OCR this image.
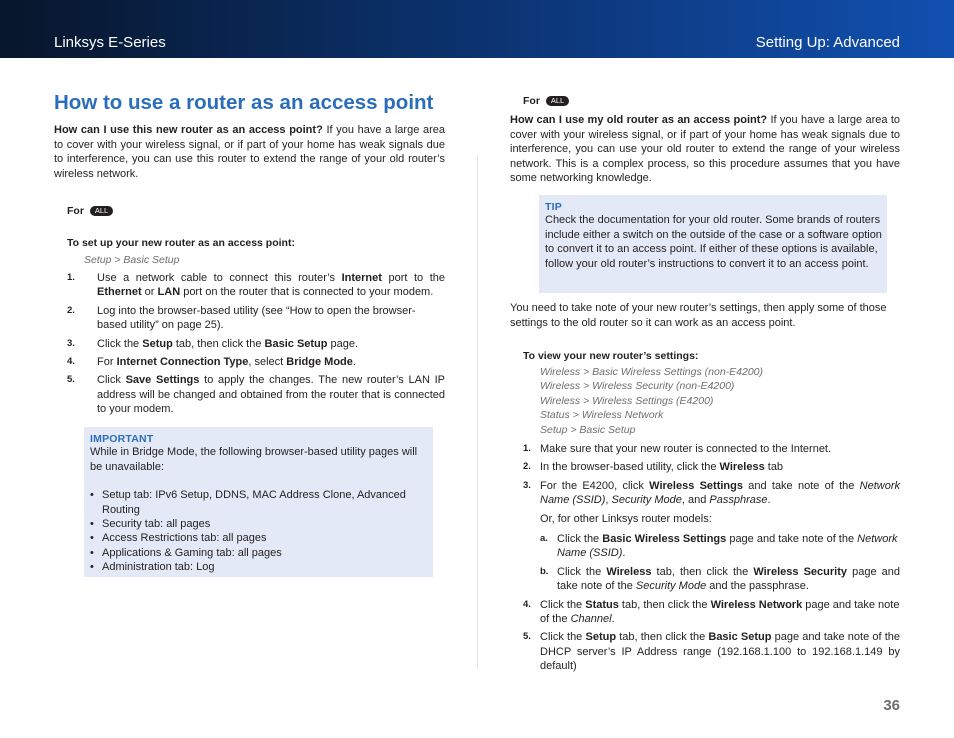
Linksys E-Series	Setting Up: Advanced
How to use a router as an access point
How can I use this new router as an access point? If you have a large area to cover with your wireless signal, or if part of your home has weak signals due to interference, you can use this router to extend the range of your old router’s wireless network.
For ALL
To set up your new router as an access point:
Setup > Basic Setup
1. Use a network cable to connect this router’s Internet port to the Ethernet or LAN port on the router that is connected to your modem.
2. Log into the browser-based utility (see “How to open the browser-based utility” on page 25).
3. Click the Setup tab, then click the Basic Setup page.
4. For Internet Connection Type, select Bridge Mode.
5. Click Save Settings to apply the changes. The new router’s LAN IP address will be changed and obtained from the router that is connected to your modem.
IMPORTANT
While in Bridge Mode, the following browser-based utility pages will be unavailable:
• Setup tab: IPv6 Setup, DDNS, MAC Address Clone, Advanced Routing
• Security tab: all pages
• Access Restrictions tab: all pages
• Applications & Gaming tab: all pages
• Administration tab: Log
For ALL
How can I use my old router as an access point? If you have a large area to cover with your wireless signal, or if part of your home has weak signals due to interference, you can use your old router to extend the range of your wireless network. This is a complex process, so this procedure assumes that you have some networking knowledge.
TIP
Check the documentation for your old router. Some brands of routers include either a switch on the outside of the case or a software option to convert it to an access point. If either of these options is available, follow your old router’s instructions to convert it to an access point.
You need to take note of your new router’s settings, then apply some of those settings to the old router so it can work as an access point.
To view your new router’s settings:
Wireless > Basic Wireless Settings (non-E4200)
Wireless > Wireless Security (non-E4200)
Wireless > Wireless Settings (E4200)
Status > Wireless Network
Setup > Basic Setup
1. Make sure that your new router is connected to the Internet.
2. In the browser-based utility, click the Wireless tab
3. For the E4200, click Wireless Settings and take note of the Network Name (SSID), Security Mode, and Passphrase.
Or, for other Linksys router models:
a. Click the Basic Wireless Settings page and take note of the Network Name (SSID).
b. Click the Wireless tab, then click the Wireless Security page and take note of the Security Mode and the passphrase.
4. Click the Status tab, then click the Wireless Network page and take note of the Channel.
5. Click the Setup tab, then click the Basic Setup page and take note of the DHCP server’s IP Address range (192.168.1.100 to 192.168.1.149 by default)
36
